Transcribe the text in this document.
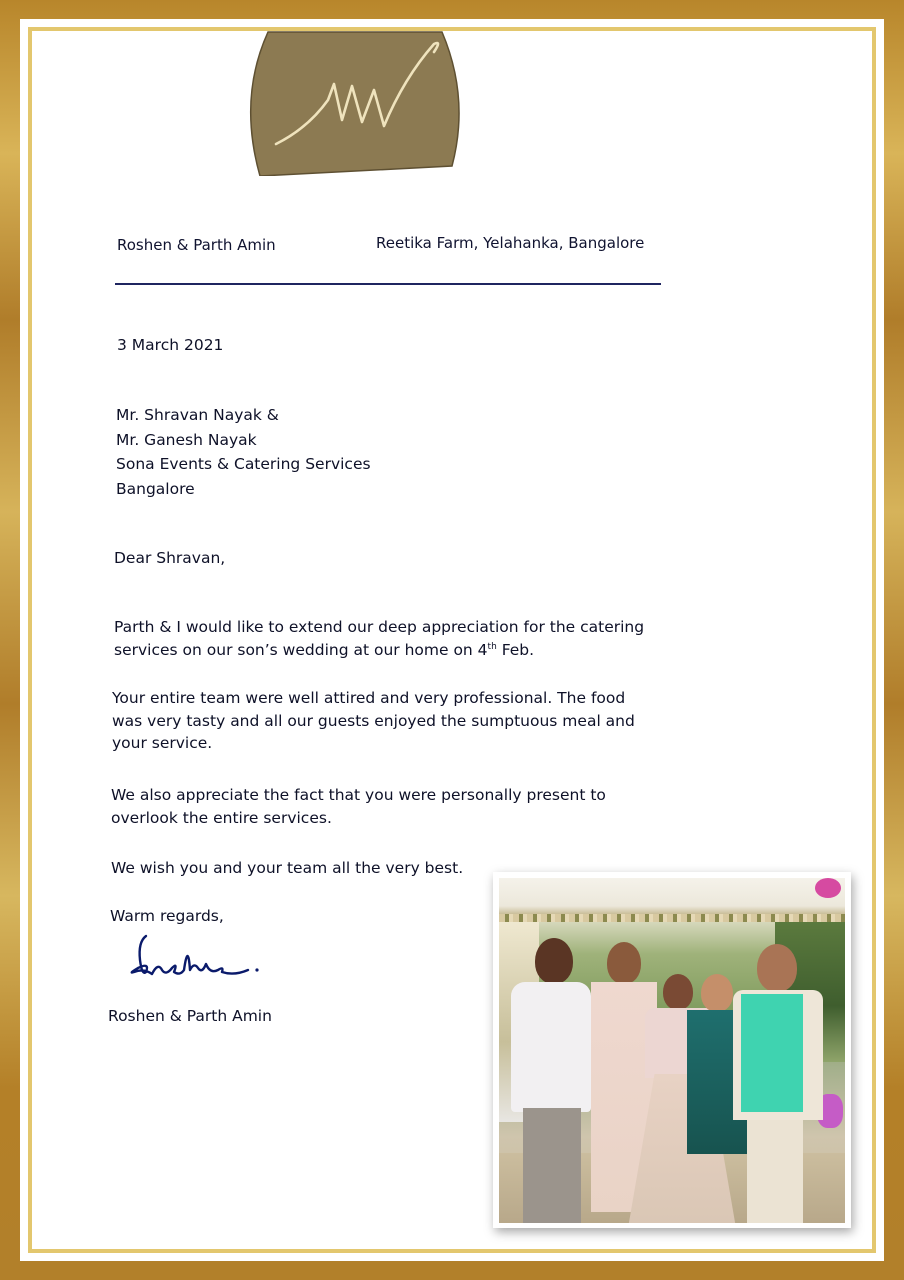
Roshen & Parth Amin	Reetika Farm, Yelahanka, Bangalore
3 March 2021
Mr. Shravan Nayak &
Mr. Ganesh Nayak
Sona Events & Catering Services
Bangalore
Dear Shravan,
Parth & I would like to extend our deep appreciation for the catering
services on our son’s wedding at our home on 4th Feb.
Your entire team were well attired and very professional. The food
was very tasty and all our guests enjoyed the sumptuous meal and
your service.
We also appreciate the fact that you were personally present to
overlook the entire services.
We wish you and your team all the very best.
Warm regards,
Roshen & Parth Amin
